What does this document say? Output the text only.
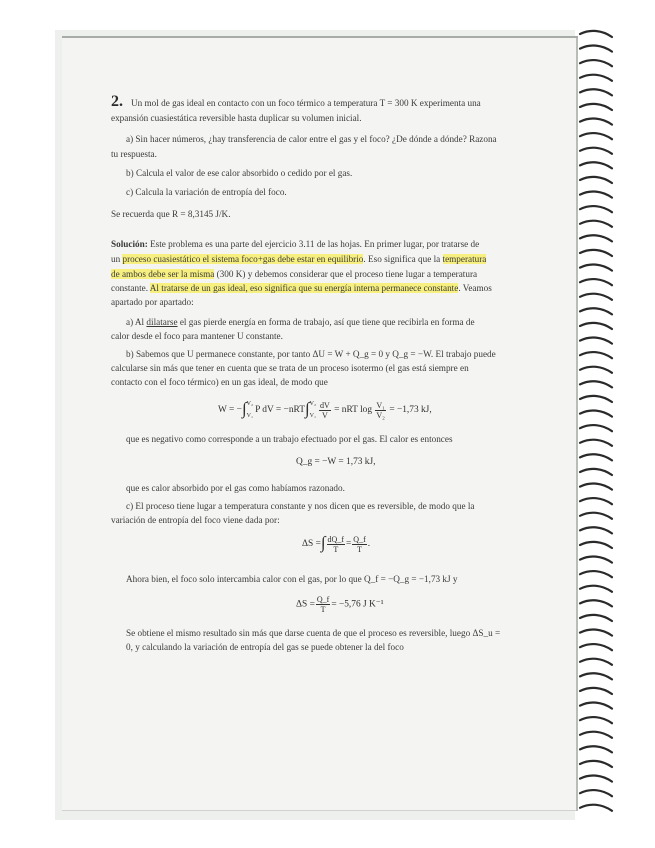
2. Un mol de gas ideal en contacto con un foco térmico a temperatura T = 300 K experimenta una
expansión cuasiestática reversible hasta duplicar su volumen inicial.
a) Sin hacer números, ¿hay transferencia de calor entre el gas y el foco? ¿De dónde a dónde? Razona
tu respuesta.
b) Calcula el valor de ese calor absorbido o cedido por el gas.
c) Calcula la variación de entropía del foco.
Se recuerda que R = 8,3145 J/K.
Solución: Este problema es una parte del ejercicio 3.11 de las hojas. En primer lugar, por tratarse de
un proceso cuasiestático el sistema foco+gas debe estar en equilibrio. Eso significa que la temperatura
de ambos debe ser la misma (300 K) y debemos considerar que el proceso tiene lugar a temperatura
constante. Al tratarse de un gas ideal, eso significa que su energía interna permanece constante. Veamos
apartado por apartado:
a) Al dilatarse el gas pierde energía en forma de trabajo, así que tiene que recibirla en forma de
calor desde el foco para mantener U constante.
b) Sabemos que U permanece constante, por tanto ΔU = W + Q_g = 0 y Q_g = −W. El trabajo puede
calcularse sin más que tener en cuenta que se trata de un proceso isotermo (el gas está siempre en
contacto con el foco térmico) en un gas ideal, de modo que
W = −∫ V₂
V₁
P dV = −nRT∫ V₂
$V_1 \frac{dV}{V}$ = nRT $\log \frac{\text{V₁}}{\text{V₂}} = -1,73$ kJ,
que es negativo como corresponde a un trabajo efectuado por el gas. El calor es entonces
Q_g = −W = 1,73 kJ,
que es calor absorbido por el gas como habíamos razonado.
c) El proceso tiene lugar a temperatura constante y nos dicen que es reversible, de modo que la
variación de entropía del foco viene dada por:
ΔS =∫ $\frac{dQ\_f}{T} = \frac{Q\_f}{T}$ .
Ahora bien, el foco solo intercambia calor con el gas, por lo que Q_f = −Q_g = −1,73 kJ y
$\Delta S = \frac{Q\_f}{T} = -5,76$ J K⁻¹
Se obtiene el mismo resultado sin más que darse cuenta de que el proceso es reversible, luego ΔS_u =
0, y calculando la variación de entropía del gas se puede obtener la del foco
